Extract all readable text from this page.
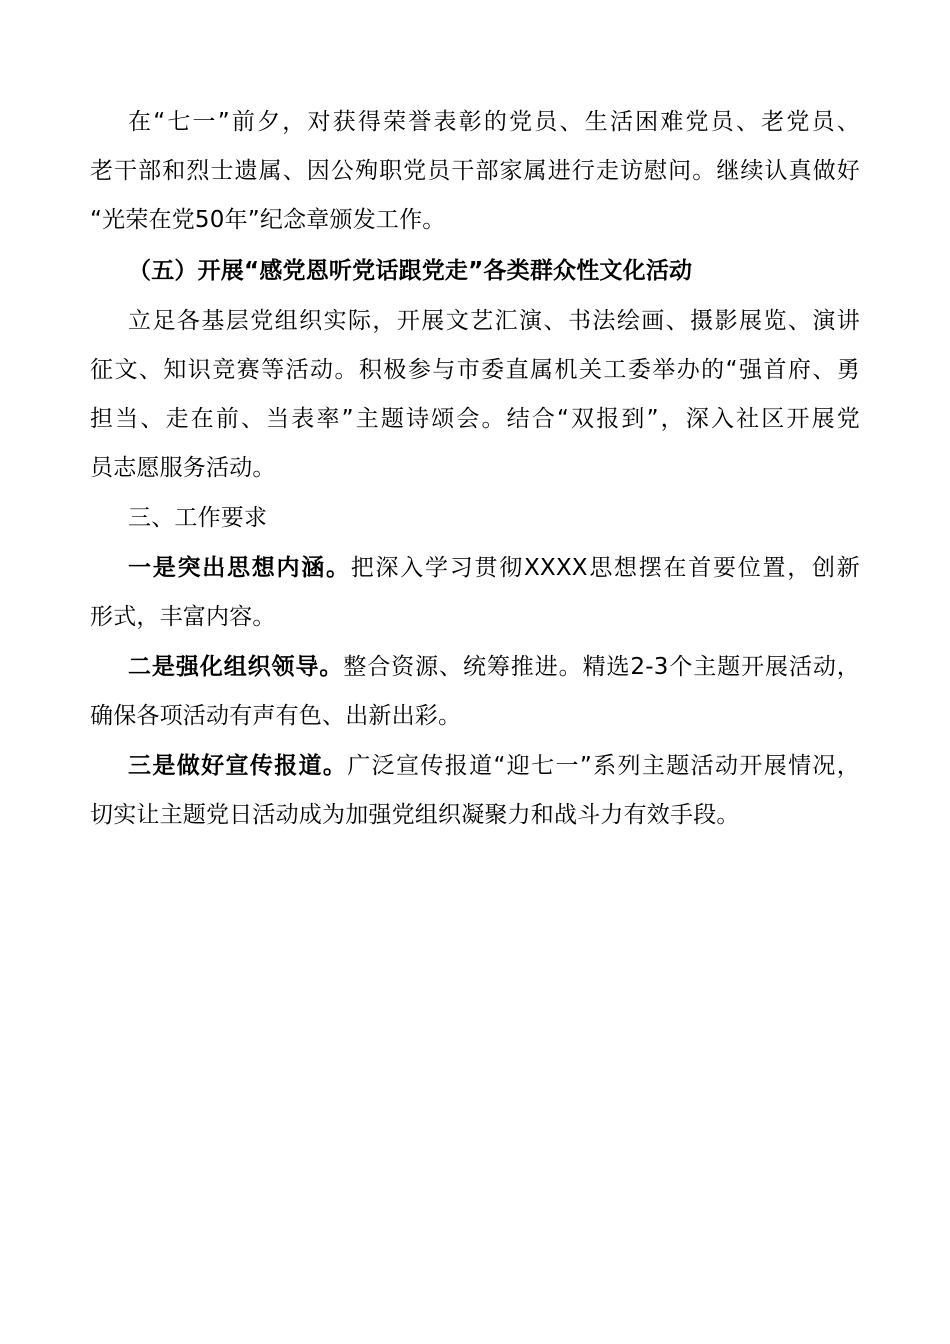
在“七一”前夕，对获得荣誉表彰的党员、生活困难党员、老党员、
老干部和烈士遗属、因公殉职党员干部家属进行走访慰问。继续认真做好
“光荣在党50年”纪念章颁发工作。
（五）开展“感党恩听党话跟党走”各类群众性文化活动
立足各基层党组织实际，开展文艺汇演、书法绘画、摄影展览、演讲
征文、知识竞赛等活动。积极参与市委直属机关工委举办的“强首府、勇
担当、走在前、当表率”主题诗颂会。结合“双报到”，深入社区开展党
员志愿服务活动。
三、工作要求
一是突出思想内涵。把深入学习贯彻XXXX思想摆在首要位置，创新
形式，丰富内容。
二是强化组织领导。整合资源、统筹推进。精选2-3个主题开展活动，
确保各项活动有声有色、出新出彩。
三是做好宣传报道。广泛宣传报道“迎七一”系列主题活动开展情况，
切实让主题党日活动成为加强党组织凝聚力和战斗力有效手段。
